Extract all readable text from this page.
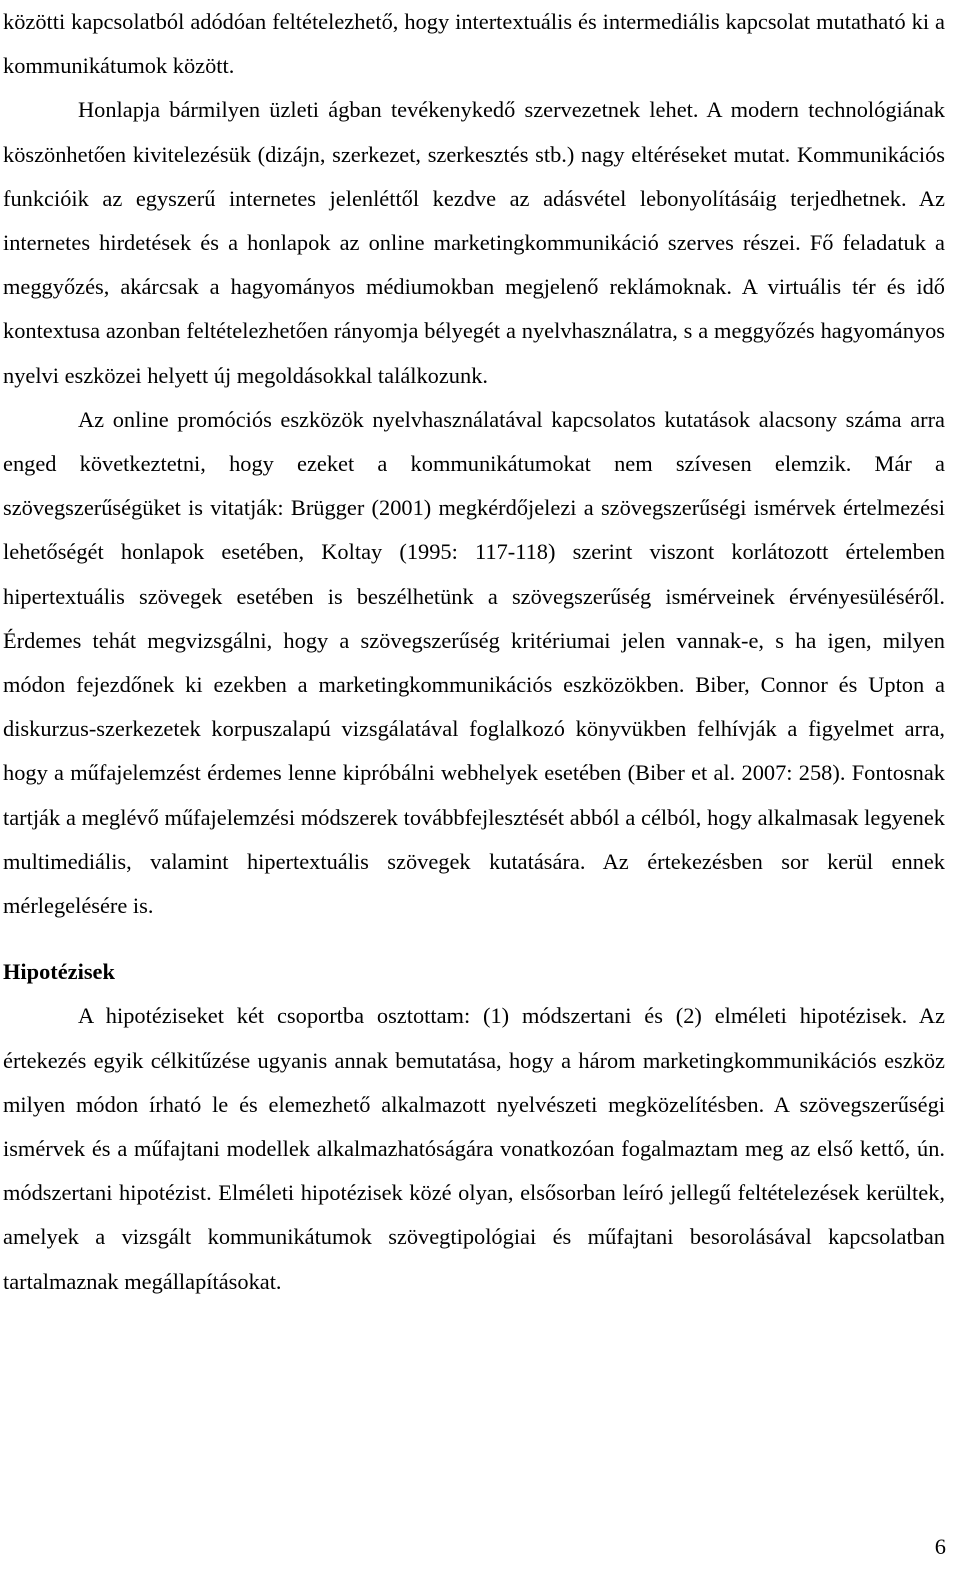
közötti kapcsolatból adódóan feltételezhető, hogy intertextuális és intermediális kapcsolat mutatható ki a kommunikátumok között.

Honlapja bármilyen üzleti ágban tevékenykedő szervezetnek lehet. A modern technológiának köszönhetően kivitelezésük (dizájn, szerkezet, szerkesztés stb.) nagy eltéréseket mutat. Kommunikációs funkcióik az egyszerű internetes jelenléttől kezdve az adásvétel lebonyolításáig terjedhetnek. Az internetes hirdetések és a honlapok az online marketingkommunikáció szerves részei. Fő feladatuk a meggyőzés, akárcsak a hagyományos médiumokban megjelenő reklámoknak. A virtuális tér és idő kontextusa azonban feltételezhetően rányomja bélyegét a nyelvhasználatra, s a meggyőzés hagyományos nyelvi eszközei helyett új megoldásokkal találkozunk.

Az online promóciós eszközök nyelvhasználatával kapcsolatos kutatások alacsony száma arra enged következtetni, hogy ezeket a kommunikátumokat nem szívesen elemzik. Már a szövegszerűségüket is vitatják: Brügger (2001) megkérdőjelezi a szövegszerűségi ismérvek értelmezési lehetőségét honlapok esetében, Koltay (1995: 117-118) szerint viszont korlátozott értelemben hipertextuális szövegek esetében is beszélhetünk a szövegszerűség ismérveinek érvényesüléséről. Érdemes tehát megvizsgálni, hogy a szövegszerűség kritériumai jelen vannak-e, s ha igen, milyen módon fejezdőnek ki ezekben a marketingkommunikációs eszközökben. Biber, Connor és Upton a diskurzus-szerkezetek korpuszalapú vizsgálatával foglalkozó könyvükben felhívják a figyelmet arra, hogy a műfajelemzést érdemes lenne kipróbálni webhelyek esetében (Biber et al. 2007: 258). Fontosnak tartják a meglévő műfajelemzési módszerek továbbfejlesztését abból a célból, hogy alkalmasak legyenek multimediális, valamint hipertextuális szövegek kutatására. Az értekezésben sor kerül ennek mérlegelésére is.

Hipotézisek

A hipotéziseket két csoportba osztottam: (1) módszertani és (2) elméleti hipotézisek. Az értekezés egyik célkitűzése ugyanis annak bemutatása, hogy a három marketingkommunikációs eszköz milyen módon írható le és elemezhető alkalmazott nyelvészeti megközelítésben. A szövegszerűségi ismérvek és a műfajtani modellek alkalmazhatóságára vonatkozóan fogalmaztam meg az első kettő, ún. módszertani hipotézist. Elméleti hipotézisek közé olyan, elsősorban leíró jellegű feltételezések kerültek, amelyek a vizsgált kommunikátumok szövegtipológiai és műfajtani besorolásával kapcsolatban tartalmaznak megállapításokat.

6
